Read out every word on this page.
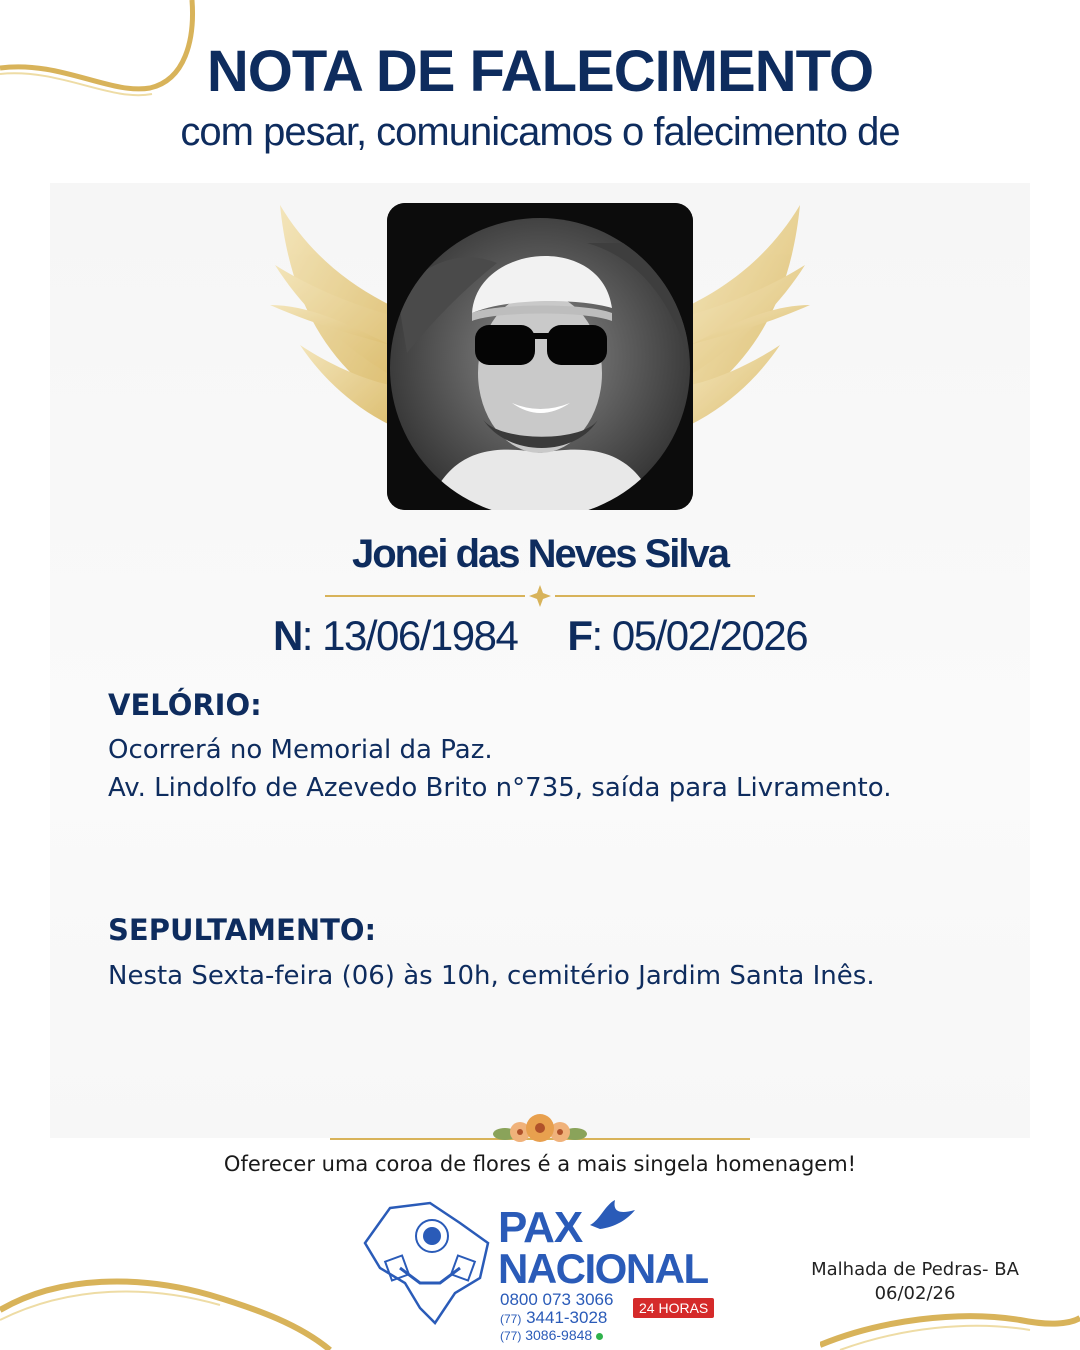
NOTA DE FALECIMENTO
com pesar, comunicamos o falecimento de
Jonei das Neves Silva
N: 13/06/1984 F: 05/02/2026
VELÓRIO:
Ocorrerá no Memorial da Paz.
Av. Lindolfo de Azevedo Brito n°735, saída para Livramento.
SEPULTAMENTO:
Nesta Sexta-feira (06) às 10h, cemitério Jardim Santa Inês.
Oferecer uma coroa de flores é a mais singela homenagem!
PAX
NACIONAL
0800 073 3066
(77) 3441-3028
(77) 3086-9848
24 HORAS
Malhada de Pedras- BA
06/02/26
